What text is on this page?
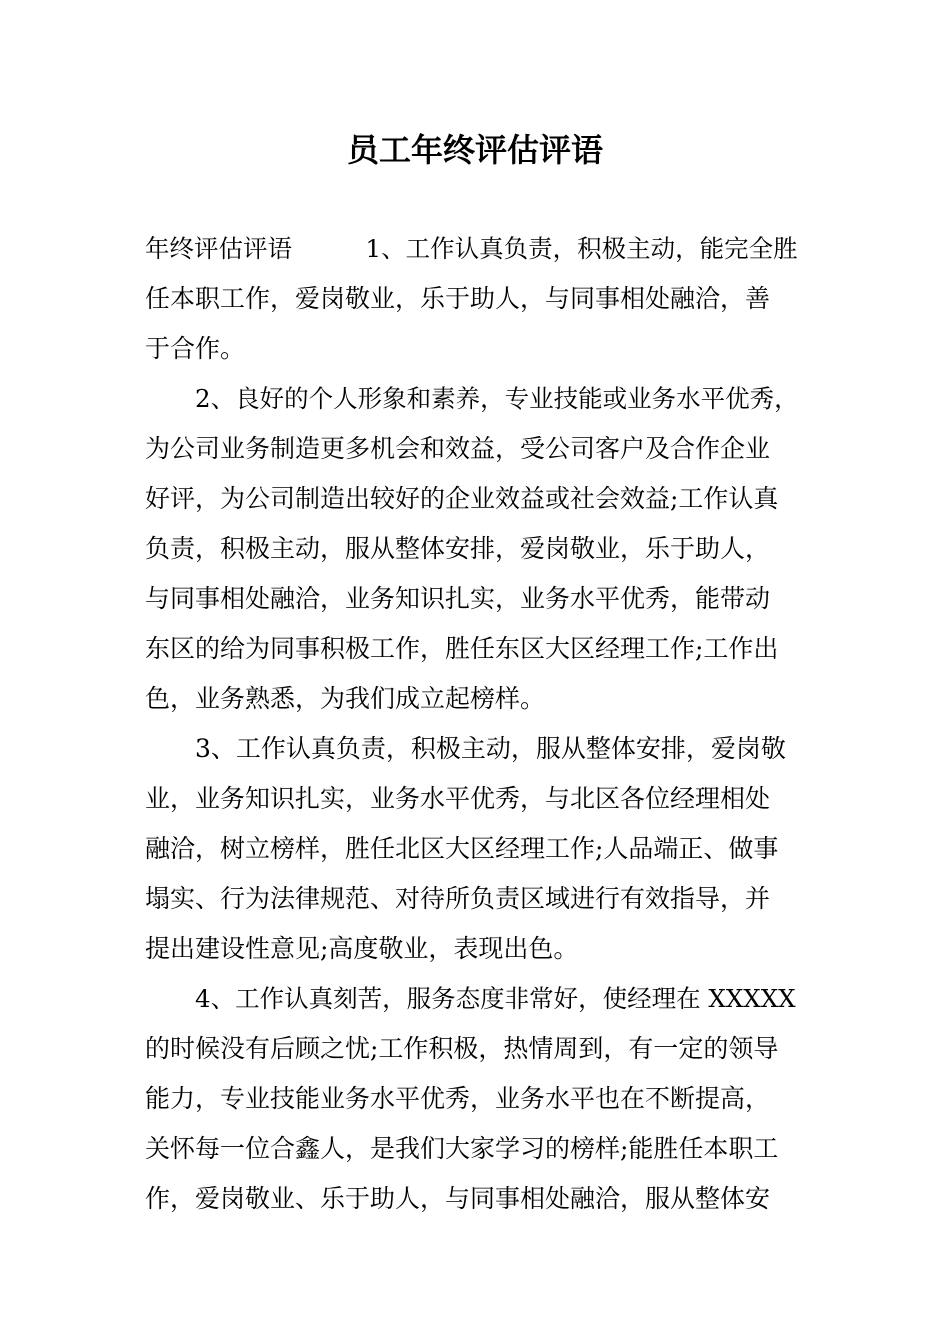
员工年终评估评语

年终评估评语　　　1、工作认真负责，积极主动，能完全胜

任本职工作，爱岗敬业，乐于助人，与同事相处融洽，善

于合作。

2、良好的个人形象和素养，专业技能或业务水平优秀，

为公司业务制造更多机会和效益，受公司客户及合作企业

好评，为公司制造出较好的企业效益或社会效益;工作认真

负责，积极主动，服从整体安排，爱岗敬业，乐于助人，

与同事相处融洽，业务知识扎实，业务水平优秀，能带动

东区的给为同事积极工作，胜任东区大区经理工作;工作出

色，业务熟悉，为我们成立起榜样。

3、工作认真负责，积极主动，服从整体安排，爱岗敬

业，业务知识扎实，业务水平优秀，与北区各位经理相处

融洽，树立榜样，胜任北区大区经理工作;人品端正、做事

塌实、行为法律规范、对待所负责区域进行有效指导，并

提出建设性意见;高度敬业，表现出色。

4、工作认真刻苦，服务态度非常好，使经理在 XXXXX

的时候没有后顾之忧;工作积极，热情周到，有一定的领导

能力，专业技能业务水平优秀，业务水平也在不断提高，

关怀每一位合鑫人，是我们大家学习的榜样;能胜任本职工

作，爱岗敬业、乐于助人，与同事相处融洽，服从整体安
